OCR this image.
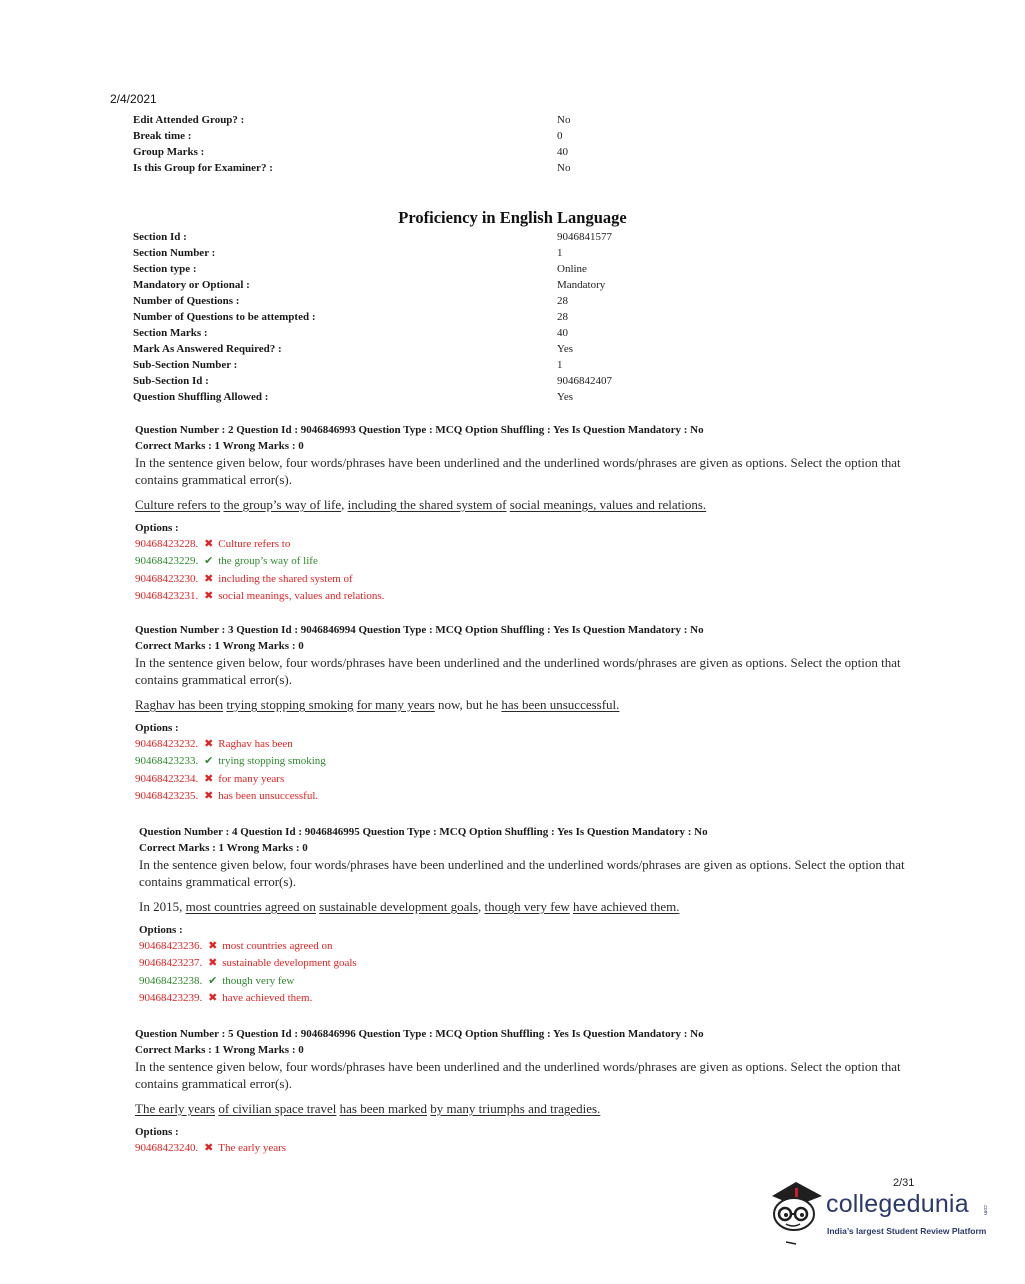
2/4/2021
Edit Attended Group? :	No
Break time :	0
Group Marks :	40
Is this Group for Examiner? :	No
Proficiency in English Language
Section Id :	9046841577
Section Number :	1
Section type :	Online
Mandatory or Optional :	Mandatory
Number of Questions :	28
Number of Questions to be attempted :	28
Section Marks :	40
Mark As Answered Required? :	Yes
Sub-Section Number :	1
Sub-Section Id :	9046842407
Question Shuffling Allowed :	Yes
Question Number : 2 Question Id : 9046846993 Question Type : MCQ Option Shuffling : Yes Is Question Mandatory : No
Correct Marks : 1 Wrong Marks : 0
In the sentence given below, four words/phrases have been underlined and the underlined words/phrases are given as options. Select the option that contains grammatical error(s).
Culture refers to the group’s way of life, including the shared system of social meanings, values and relations.
Options :
90468423228. ✖ Culture refers to
90468423229. ✔ the group’s way of life
90468423230. ✖ including the shared system of
90468423231. ✖ social meanings, values and relations.
Question Number : 3 Question Id : 9046846994 Question Type : MCQ Option Shuffling : Yes Is Question Mandatory : No
Correct Marks : 1 Wrong Marks : 0
In the sentence given below, four words/phrases have been underlined and the underlined words/phrases are given as options. Select the option that contains grammatical error(s).
Raghav has been trying stopping smoking for many years now, but he has been unsuccessful.
Options :
90468423232. ✖ Raghav has been
90468423233. ✔ trying stopping smoking
90468423234. ✖ for many years
90468423235. ✖ has been unsuccessful.
Question Number : 4 Question Id : 9046846995 Question Type : MCQ Option Shuffling : Yes Is Question Mandatory : No
Correct Marks : 1 Wrong Marks : 0
In the sentence given below, four words/phrases have been underlined and the underlined words/phrases are given as options. Select the option that contains grammatical error(s).
In 2015, most countries agreed on sustainable development goals, though very few have achieved them.
Options :
90468423236. ✖ most countries agreed on
90468423237. ✖ sustainable development goals
90468423238. ✔ though very few
90468423239. ✖ have achieved them.
Question Number : 5 Question Id : 9046846996 Question Type : MCQ Option Shuffling : Yes Is Question Mandatory : No
Correct Marks : 1 Wrong Marks : 0
In the sentence given below, four words/phrases have been underlined and the underlined words/phrases are given as options. Select the option that contains grammatical error(s).
The early years of civilian space travel has been marked by many triumphs and tragedies.
Options :
90468423240. ✖ The early years
2/31
collegedunia	.com
India’s largest Student Review Platform
